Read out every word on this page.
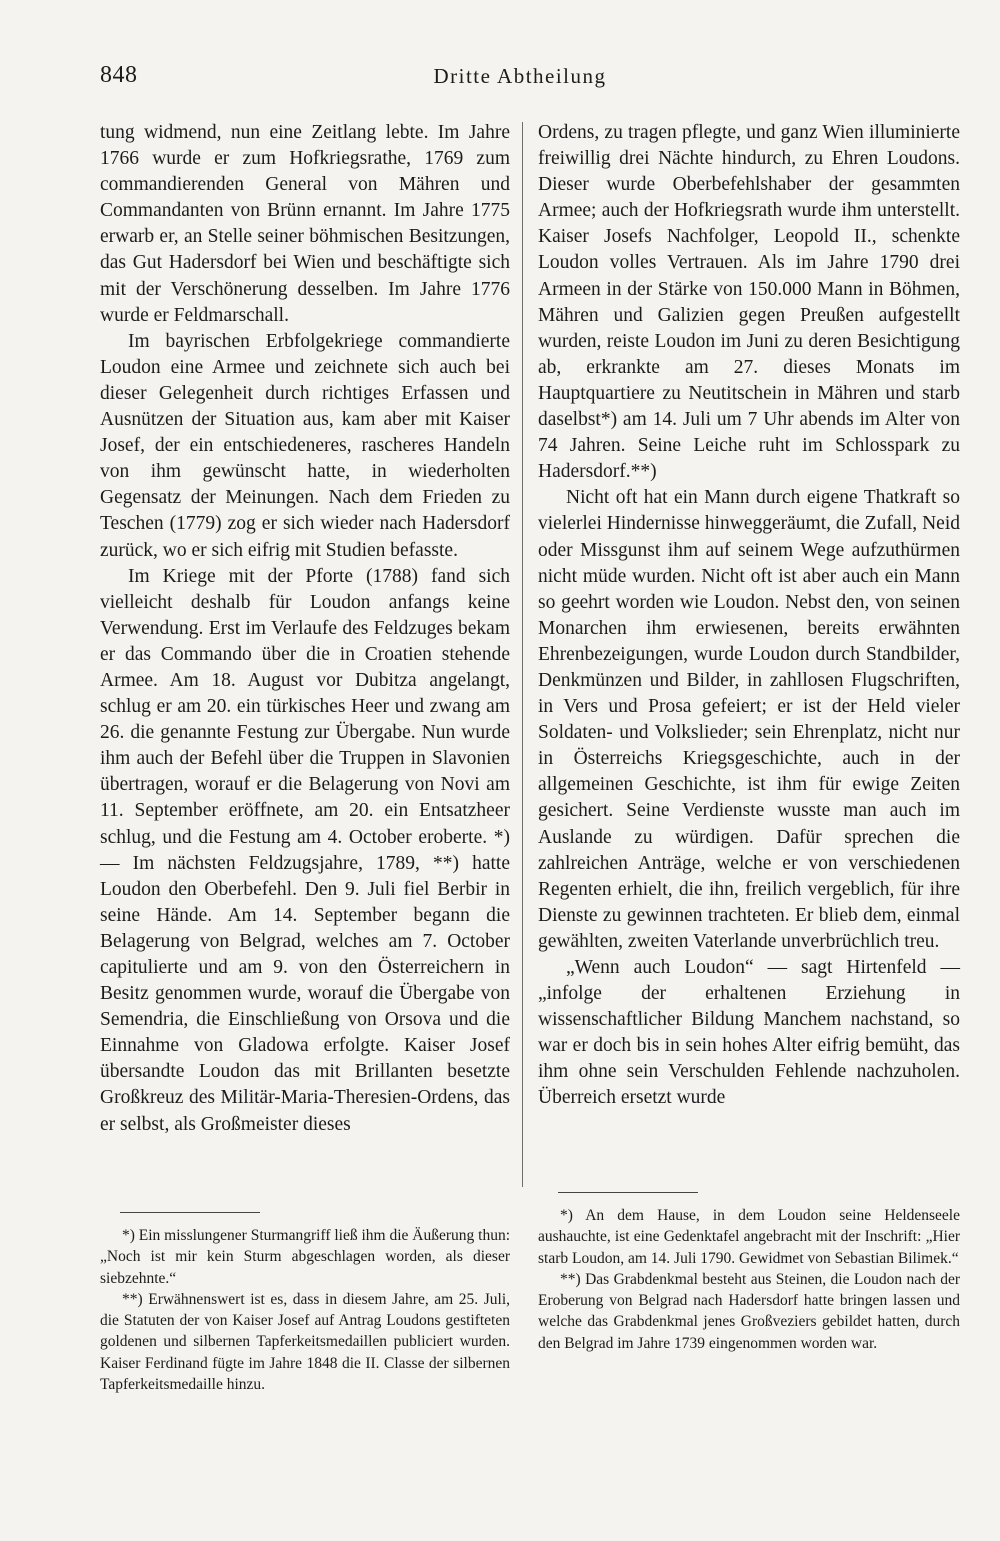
848	Dritte Abtheilung

tung widmend, nun eine Zeitlang lebte. Im Jahre 1766 wurde er zum Hofkriegsrathe, 1769 zum commandierenden General von Mähren und Commandanten von Brünn ernannt. Im Jahre 1775 erwarb er, an Stelle seiner böhmischen Besitzungen, das Gut Hadersdorf bei Wien und beschäftigte sich mit der Verschönerung desselben. Im Jahre 1776 wurde er Feldmarschall.

Im bayrischen Erbfolgekriege commandierte Loudon eine Armee und zeichnete sich auch bei dieser Gelegenheit durch richtiges Erfassen und Ausnützen der Situation aus, kam aber mit Kaiser Josef, der ein entschiedeneres, rascheres Handeln von ihm gewünscht hatte, in wiederholten Gegensatz der Meinungen. Nach dem Frieden zu Teschen (1779) zog er sich wieder nach Hadersdorf zurück, wo er sich eifrig mit Studien befasste.

Im Kriege mit der Pforte (1788) fand sich vielleicht deshalb für Loudon anfangs keine Verwendung. Erst im Verlaufe des Feldzuges bekam er das Commando über die in Croatien stehende Armee. Am 18. August vor Dubitza angelangt, schlug er am 20. ein türkisches Heer und zwang am 26. die genannte Festung zur Übergabe. Nun wurde ihm auch der Befehl über die Truppen in Slavonien übertragen, worauf er die Belagerung von Novi am 11. September eröffnete, am 20. ein Entsatzheer schlug, und die Festung am 4. October eroberte. *) — Im nächsten Feldzugsjahre, 1789, **) hatte Loudon den Oberbefehl. Den 9. Juli fiel Berbir in seine Hände. Am 14. September begann die Belagerung von Belgrad, welches am 7. October capitulierte und am 9. von den Österreichern in Besitz genommen wurde, worauf die Übergabe von Semendria, die Einschließung von Orsova und die Einnahme von Gladowa erfolgte. Kaiser Josef übersandte Loudon das mit Brillanten besetzte Großkreuz des Militär-Maria-Theresien-Ordens, das er selbst, als Großmeister dieses

Ordens, zu tragen pflegte, und ganz Wien illuminierte freiwillig drei Nächte hindurch, zu Ehren Loudons. Dieser wurde Oberbefehlshaber der gesammten Armee; auch der Hofkriegsrath wurde ihm unterstellt. Kaiser Josefs Nachfolger, Leopold II., schenkte Loudon volles Vertrauen. Als im Jahre 1790 drei Armeen in der Stärke von 150.000 Mann in Böhmen, Mähren und Galizien gegen Preußen aufgestellt wurden, reiste Loudon im Juni zu deren Besichtigung ab, erkrankte am 27. dieses Monats im Hauptquartiere zu Neutitschein in Mähren und starb daselbst*) am 14. Juli um 7 Uhr abends im Alter von 74 Jahren. Seine Leiche ruht im Schlosspark zu Hadersdorf.**)

Nicht oft hat ein Mann durch eigene Thatkraft so vielerlei Hindernisse hinweggeräumt, die Zufall, Neid oder Missgunst ihm auf seinem Wege aufzuthürmen nicht müde wurden. Nicht oft ist aber auch ein Mann so geehrt worden wie Loudon. Nebst den, von seinen Monarchen ihm erwiesenen, bereits erwähnten Ehrenbezeigungen, wurde Loudon durch Standbilder, Denkmünzen und Bilder, in zahllosen Flugschriften, in Vers und Prosa gefeiert; er ist der Held vieler Soldaten- und Volkslieder; sein Ehrenplatz, nicht nur in Österreichs Kriegsgeschichte, auch in der allgemeinen Geschichte, ist ihm für ewige Zeiten gesichert. Seine Verdienste wusste man auch im Auslande zu würdigen. Dafür sprechen die zahlreichen Anträge, welche er von verschiedenen Regenten erhielt, die ihn, freilich vergeblich, für ihre Dienste zu gewinnen trachteten. Er blieb dem, einmal gewählten, zweiten Vaterlande unverbrüchlich treu.

„Wenn auch Loudon“ — sagt Hirtenfeld — „infolge der erhaltenen Erziehung in wissenschaftlicher Bildung Manchem nachstand, so war er doch bis in sein hohes Alter eifrig bemüht, das ihm ohne sein Verschulden Fehlende nachzuholen. Überreich ersetzt wurde

*) Ein misslungener Sturmangriff ließ ihm die Äußerung thun: „Noch ist mir kein Sturm abgeschlagen worden, als dieser siebzehnte.“

**) Erwähnenswert ist es, dass in diesem Jahre, am 25. Juli, die Statuten der von Kaiser Josef auf Antrag Loudons gestifteten goldenen und silbernen Tapferkeitsmedaillen publiciert wurden. Kaiser Ferdinand fügte im Jahre 1848 die II. Classe der silbernen Tapferkeitsmedaille hinzu.

*) An dem Hause, in dem Loudon seine Heldenseele aushauchte, ist eine Gedenktafel angebracht mit der Inschrift: „Hier starb Loudon, am 14. Juli 1790. Gewidmet von Sebastian Bilimek.“

**) Das Grabdenkmal besteht aus Steinen, die Loudon nach der Eroberung von Belgrad nach Hadersdorf hatte bringen lassen und welche das Grabdenkmal jenes Großveziers gebildet hatten, durch den Belgrad im Jahre 1739 eingenommen worden war.
